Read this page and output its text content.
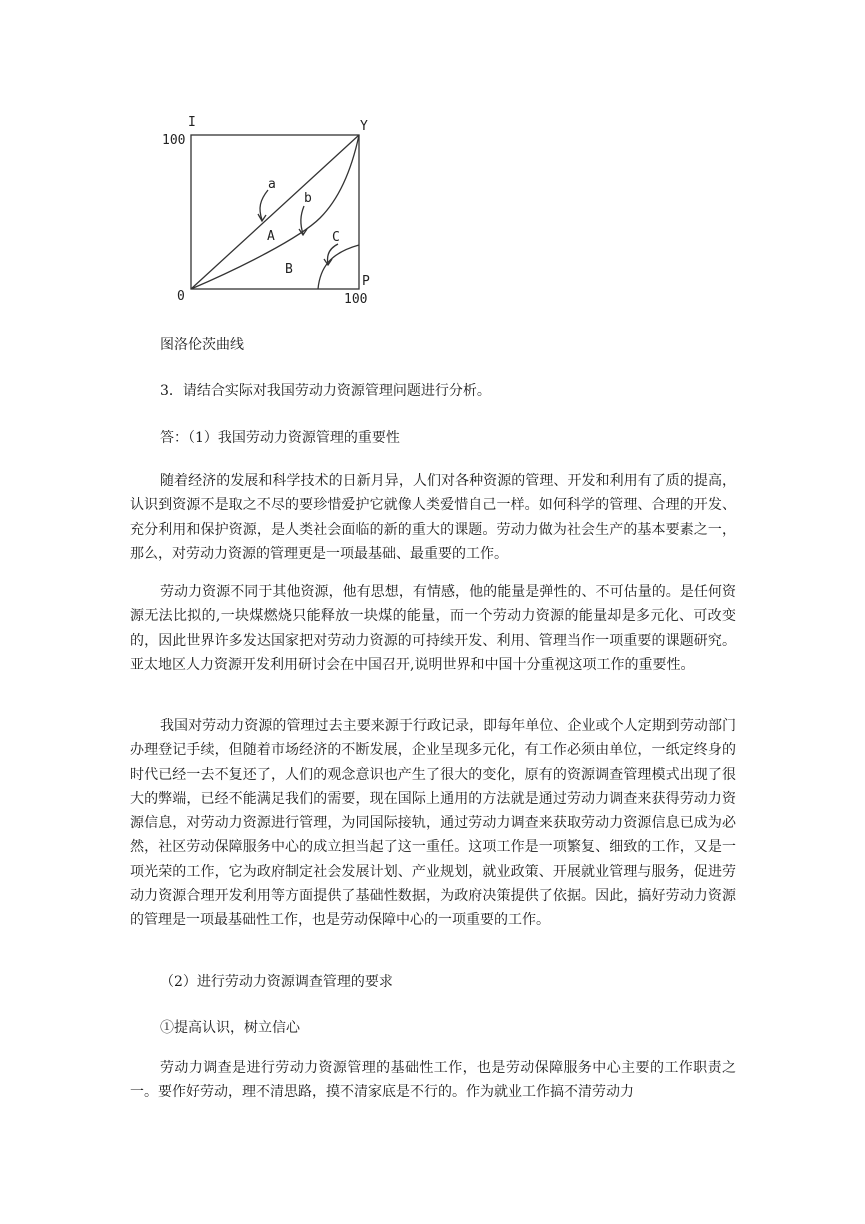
I
100
Y
0
P
100
a
b
C
A
B
图洛伦茨曲线
3．请结合实际对我国劳动力资源管理问题进行分析。
答：（1）我国劳动力资源管理的重要性

随着经济的发展和科学技术的日新月异，人们对各种资源的管理、开发和利用有了质的提高，认识到资源不是取之不尽的要珍惜爱护它就像人类爱惜自己一样。如何科学的管理、合理的开发、充分利用和保护资源，是人类社会面临的新的重大的课题。劳动力做为社会生产的基本要素之一，那么，对劳动力资源的管理更是一项最基础、最重要的工作。

劳动力资源不同于其他资源，他有思想，有情感，他的能量是弹性的、不可估量的。是任何资源无法比拟的,一块煤燃烧只能释放一块煤的能量，而一个劳动力资源的能量却是多元化、可改变的，因此世界许多发达国家把对劳动力资源的可持续开发、利用、管理当作一项重要的课题研究。亚太地区人力资源开发利用研讨会在中国召开,说明世界和中国十分重视这项工作的重要性。

我国对劳动力资源的管理过去主要来源于行政记录，即每年单位、企业或个人定期到劳动部门办理登记手续，但随着市场经济的不断发展，企业呈现多元化，有工作必须由单位，一纸定终身的时代已经一去不复还了，人们的观念意识也产生了很大的变化，原有的资源调查管理模式出现了很大的弊端，已经不能满足我们的需要，现在国际上通用的方法就是通过劳动力调查来获得劳动力资源信息，对劳动力资源进行管理，为同国际接轨，通过劳动力调查来获取劳动力资源信息已成为必然，社区劳动保障服务中心的成立担当起了这一重任。这项工作是一项繁复、细致的工作，又是一项光荣的工作，它为政府制定社会发展计划、产业规划，就业政策、开展就业管理与服务，促进劳动力资源合理开发利用等方面提供了基础性数据，为政府决策提供了依据。因此，搞好劳动力资源的管理是一项最基础性工作，也是劳动保障中心的一项重要的工作。

（2）进行劳动力资源调查管理的要求
①提高认识，树立信心

劳动力调查是进行劳动力资源管理的基础性工作，也是劳动保障服务中心主要的工作职责之一。要作好劳动，理不清思路，摸不清家底是不行的。作为就业工作搞不清劳动力
